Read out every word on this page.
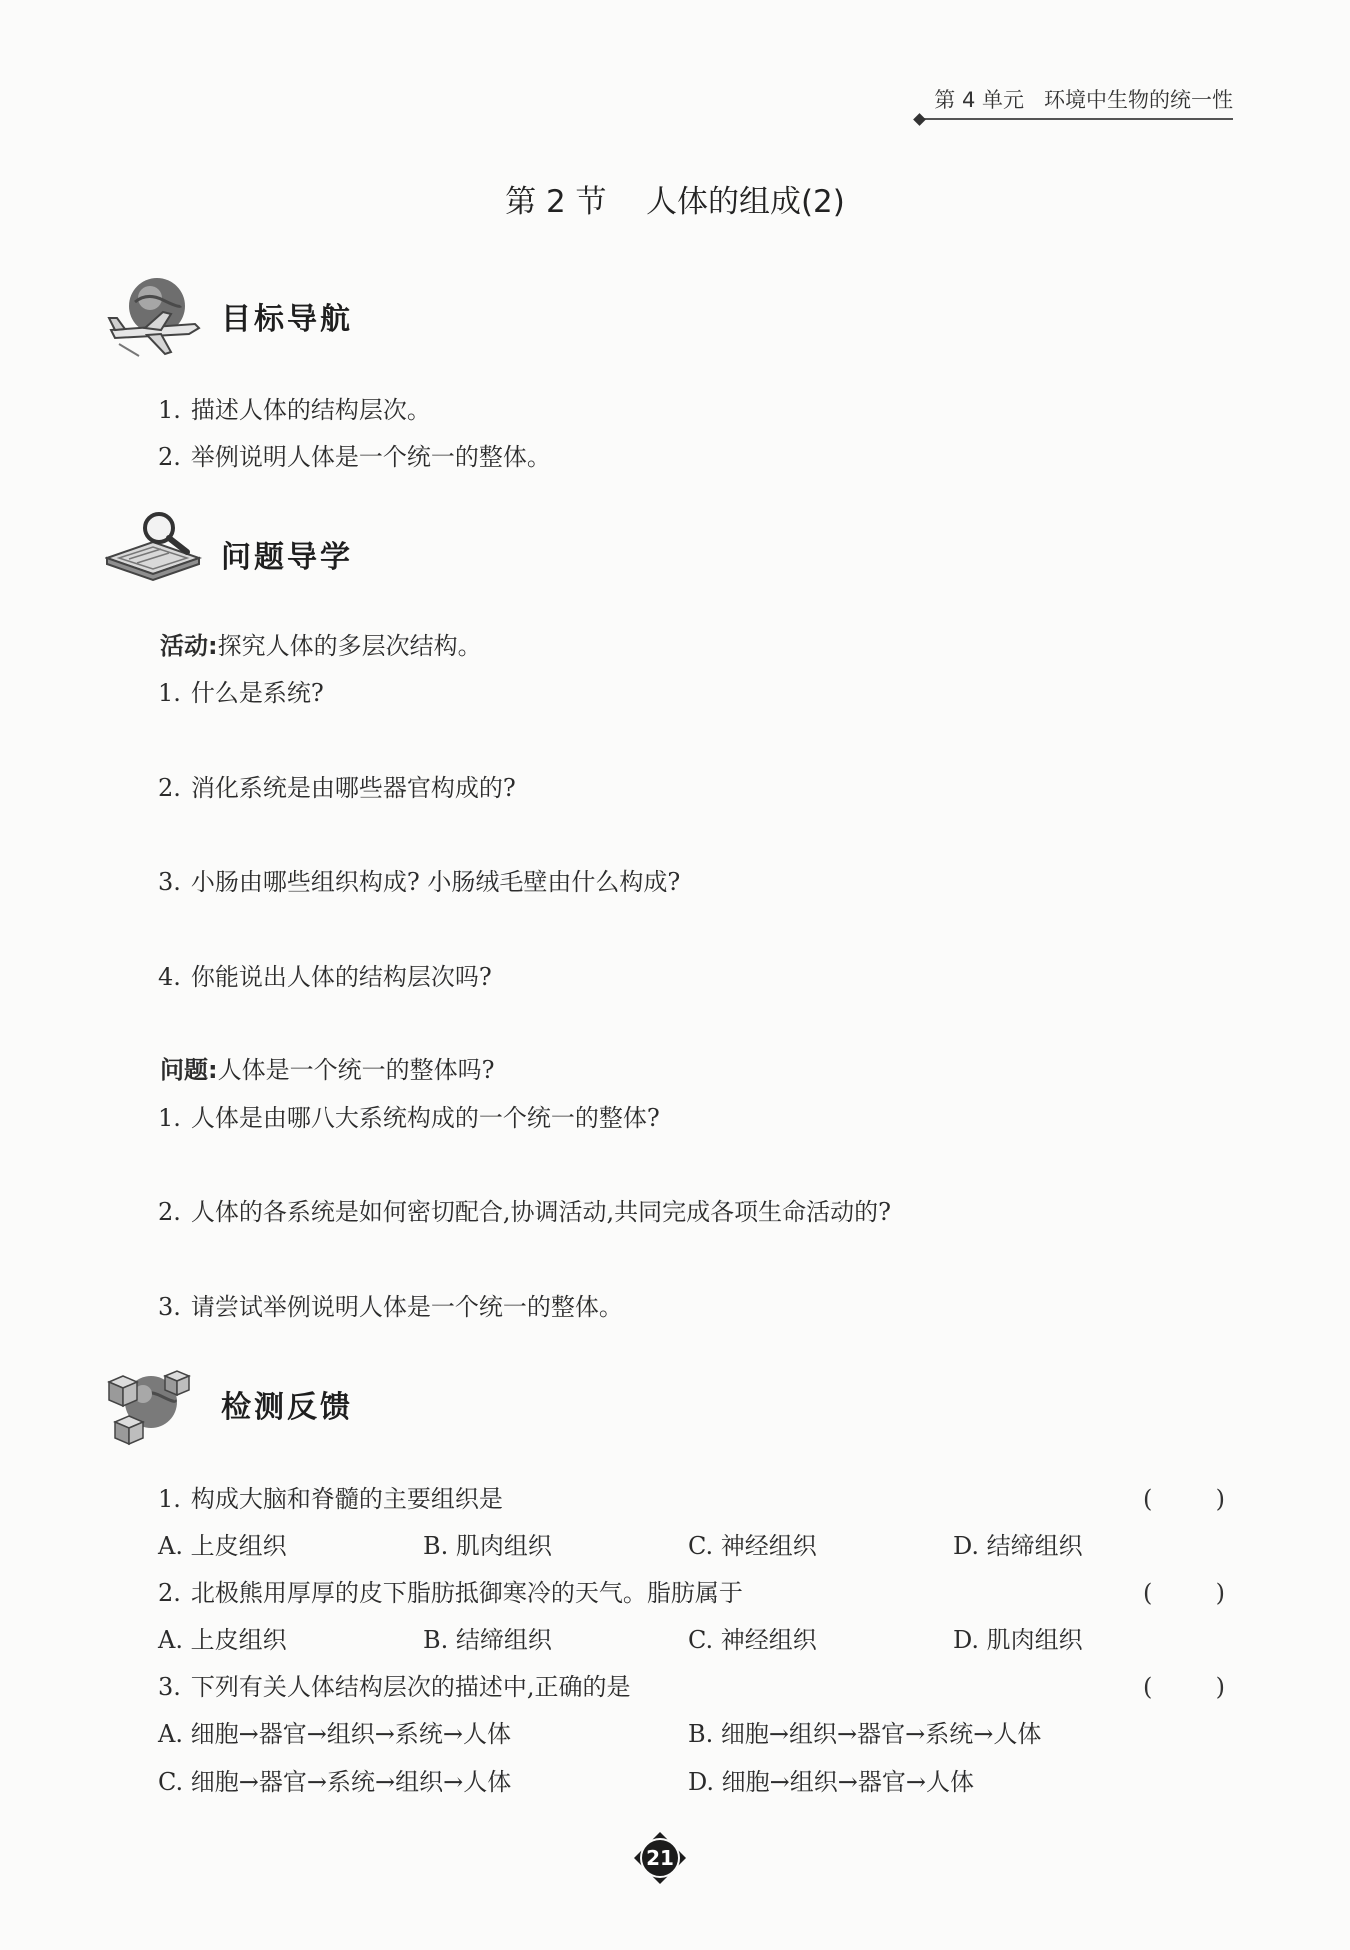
第 4 单元 环境中生物的统一性
第 2 节    人体的组成(2)
目标导航
1. 描述人体的结构层次。
2. 举例说明人体是一个统一的整体。
问题导学
活动:探究人体的多层次结构。
1. 什么是系统?
2. 消化系统是由哪些器官构成的?
3. 小肠由哪些组织构成? 小肠绒毛壁由什么构成?
4. 你能说出人体的结构层次吗?
问题:人体是一个统一的整体吗?
1. 人体是由哪八大系统构成的一个统一的整体?
2. 人体的各系统是如何密切配合,协调活动,共同完成各项生命活动的?
3. 请尝试举例说明人体是一个统一的整体。
检测反馈
1. 构成大脑和脊髓的主要组织是	(	)
A. 上皮组织	B. 肌肉组织	C. 神经组织	D. 结缔组织
2. 北极熊用厚厚的皮下脂肪抵御寒冷的天气。脂肪属于	(	)
A. 上皮组织	B. 结缔组织	C. 神经组织	D. 肌肉组织
3. 下列有关人体结构层次的描述中,正确的是	(	)
A. 细胞→器官→组织→系统→人体	B. 细胞→组织→器官→系统→人体
C. 细胞→器官→系统→组织→人体	D. 细胞→组织→器官→人体
21
